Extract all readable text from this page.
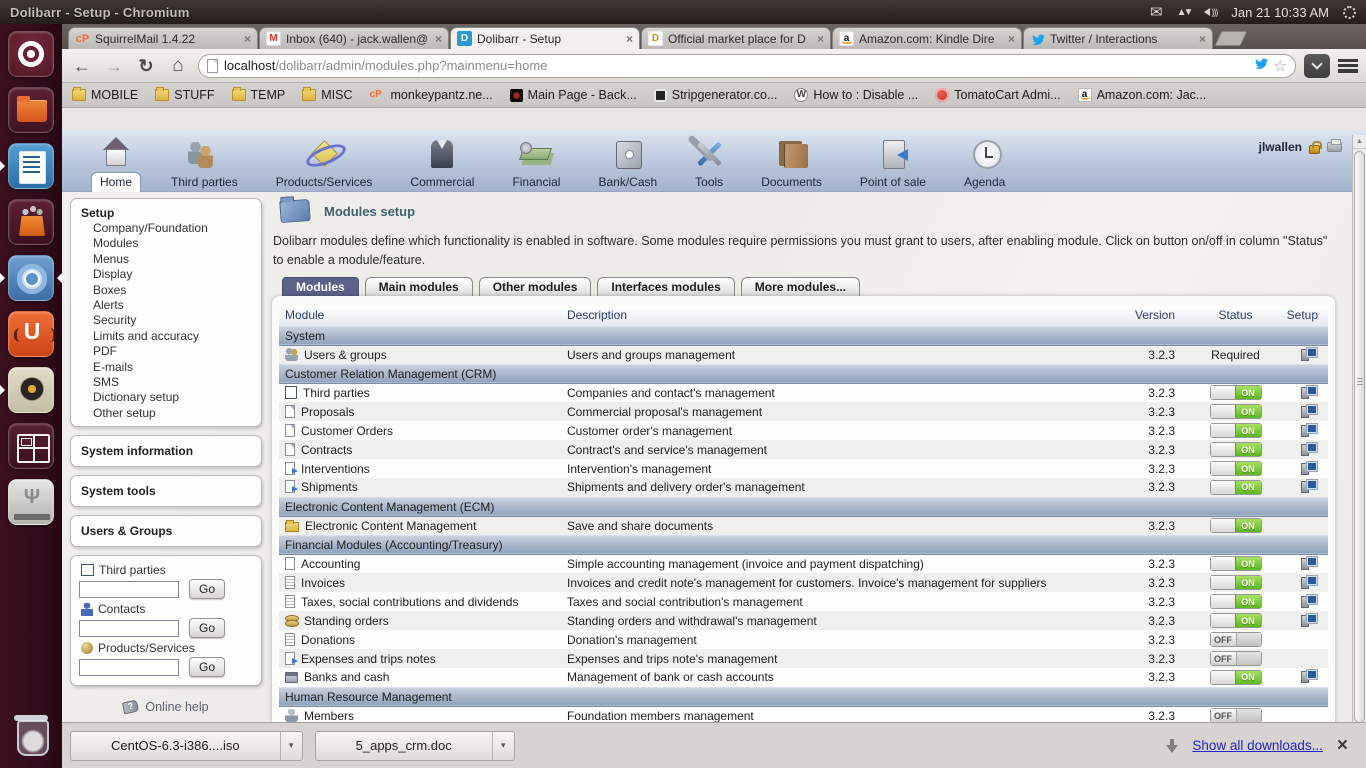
Dolibarr - Setup - Chromium	✉ ▲▼ ))) Jan 21 10:33 AM
U
Ψ
cP SquirrelMail 1.4.22	×	M Inbox (640) - jack.wallen@ ×	D Dolibarr - Setup	×	D Official market place for D ×	a Amazon.com: Kindle Dire	×	Twitter / Interactions	×
← → ↻ ⌂	localhost/dolibarr/admin/modules.php?mainmenu=home	☆
MOBILE	STUFF	TEMP	MISC cP monkeypantz.ne...	Main Page - Back...	Stripgenerator.co... W How to : Disable ...	TomatoCart Admi...	a Amazon.com: Jac...
Home	Third parties	Products/Services	Commercial	Financial	Bank/Cash	Tools	Documents	Point of sale	Agenda
jlwallen
Setup
Company/Foundation
Modules
Menus
Display
Boxes
Alerts
Security
Limits and accuracy
PDF
E-mails
SMS
Dictionary setup
Other setup
System information
System tools
Users & Groups
Third parties
Go
Contacts
Go
Products/Services
Go
?
Online help
Modules setup
Dolibarr modules define which functionality is enabled in software. Some modules require permissions you must grant to users, after enabling module. Click on button on/off in column "Status" to enable a module/feature.
Modules	Main modules	Other modules	Interfaces modules	More modules...
Module	Description	Version	Status	Setup
System				
Users & groups	Users and groups management	3.2.3	Required	
Customer Relation Management (CRM)				
Third parties	Companies and contact's management	3.2.3	ON	

Proposals	Commercial proposal's management	3.2.3	ON	

Customer Orders	Customer order's management	3.2.3	ON	

Contracts	Contract's and service's management	3.2.3	ON	

Interventions	Intervention's management	3.2.3	ON	

Shipments	Shipments and delivery order's management	3.2.3	ON	

Electronic Content Management (ECM)				
Electronic Content Management	Save and share documents	3.2.3	ON	

Financial Modules (Accounting/Treasury)				
Accounting	Simple accounting management (invoice and payment dispatching)	3.2.3	ON	

Invoices	Invoices and credit note's management for customers. Invoice's management for suppliers	3.2.3	ON	

Taxes, social contributions and dividends	Taxes and social contribution's management	3.2.3	ON	

Standing orders	Standing orders and withdrawal's management	3.2.3	ON	

Donations	Donation's management	3.2.3	OFF	

Expenses and trips notes	Expenses and trips note's management	3.2.3	OFF	

Banks and cash	Management of bank or cash accounts	3.2.3	ON	

Human Resource Management				
Members	Foundation members management	3.2.3	OFF	

▲
CentOS-6.3-i386....iso	▾	5_apps_crm.doc	▾	Show all downloads... ×
